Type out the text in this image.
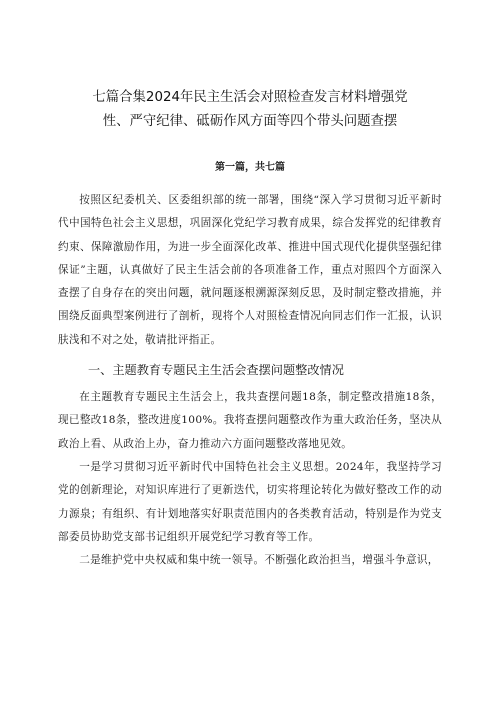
七篇合集2024年民主生活会对照检查发言材料增强党
性、严守纪律、砥砺作风方面等四个带头问题查摆
第一篇，共七篇

按照区纪委机关、区委组织部的统一部署，围绕“深入学习贯彻习近平新时代中国特色社会主义思想，巩固深化党纪学习教育成果，综合发挥党的纪律教育约束、保障激励作用，为进一步全面深化改革、推进中国式现代化提供坚强纪律保证”主题，认真做好了民主生活会前的各项准备工作，重点对照四个方面深入查摆了自身存在的突出问题，就问题逐根溯源深刻反思，及时制定整改措施，并围绕反面典型案例进行了剖析，现将个人对照检查情况向同志们作一汇报，认识肤浅和不对之处，敬请批评指正。

一、主题教育专题民主生活会查摆问题整改情况

在主题教育专题民主生活会上，我共查摆问题18条，制定整改措施18条，现已整改18条，整改进度100%。我将查摆问题整改作为重大政治任务，坚决从政治上看、从政治上办，奋力推动六方面问题整改落地见效。

一是学习贯彻习近平新时代中国特色社会主义思想。2024年，我坚持学习党的创新理论，对知识库进行了更新迭代，切实将理论转化为做好整改工作的动力源泉；有组织、有计划地落实好职责范围内的各类教育活动，特别是作为党支部委员协助党支部书记组织开展党纪学习教育等工作。

二是维护党中央权威和集中统一领导。不断强化政治担当，增强斗争意识，
